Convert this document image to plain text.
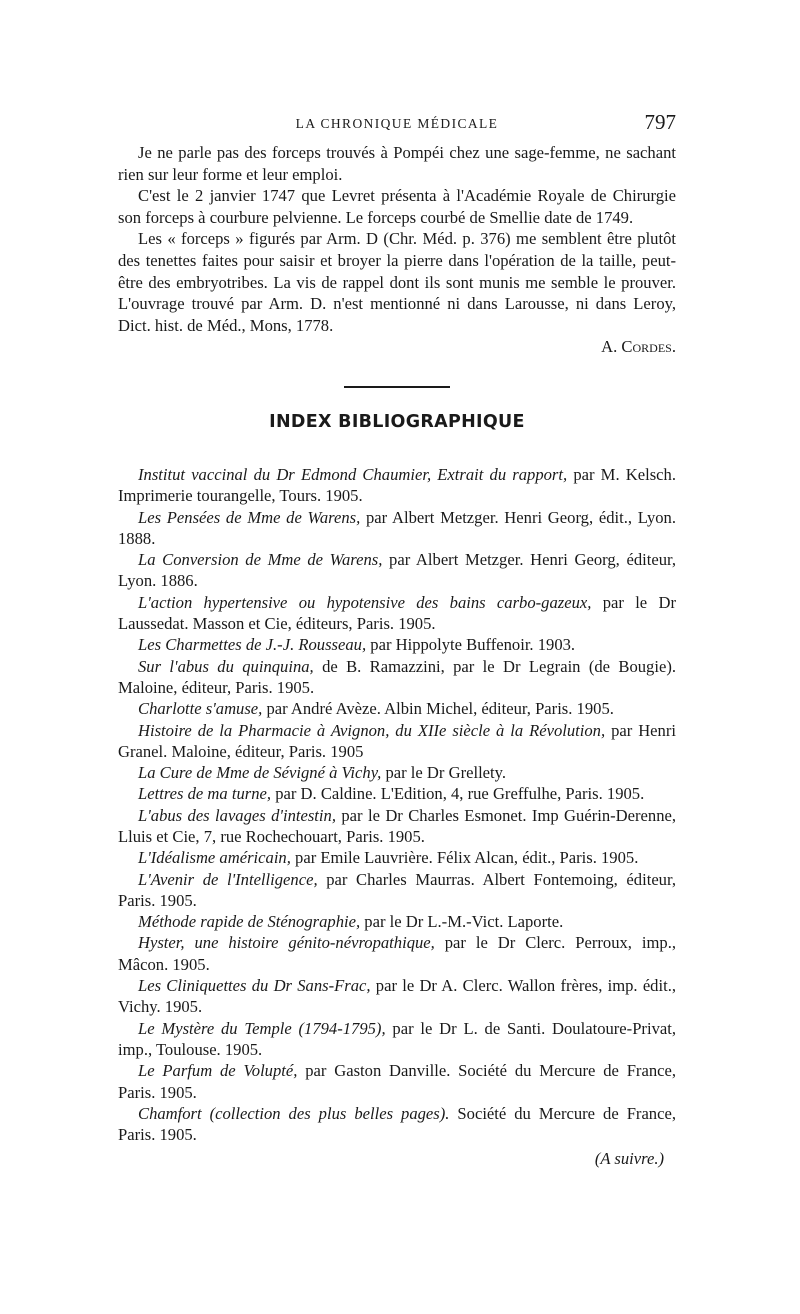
LA CHRONIQUE MÉDICALE	797

Je ne parle pas des forceps trouvés à Pompéi chez une sage-femme, ne sachant rien sur leur forme et leur emploi.

C'est le 2 janvier 1747 que Levret présenta à l'Académie Royale de Chirurgie son forceps à courbure pelvienne. Le forceps courbé de Smellie date de 1749.

Les « forceps » figurés par Arm. D (Chr. Méd. p. 376) me semblent être plutôt des tenettes faites pour saisir et broyer la pierre dans l'opération de la taille, peut-être des embryotribes. La vis de rappel dont ils sont munis me semble le prouver. L'ouvrage trouvé par Arm. D. n'est mentionné ni dans Larousse, ni dans Leroy, Dict. hist. de Méd., Mons, 1778.

A. Cordes.
INDEX BIBLIOGRAPHIQUE

Institut vaccinal du Dr Edmond Chaumier, Extrait du rapport, par M. Kelsch. Imprimerie tourangelle, Tours. 1905.

Les Pensées de Mme de Warens, par Albert Metzger. Henri Georg, édit., Lyon. 1888.

La Conversion de Mme de Warens, par Albert Metzger. Henri Georg, éditeur, Lyon. 1886.

L'action hypertensive ou hypotensive des bains carbo-gazeux, par le Dr Laussedat. Masson et Cie, éditeurs, Paris. 1905.

Les Charmettes de J.-J. Rousseau, par Hippolyte Buffenoir. 1903.

Sur l'abus du quinquina, de B. Ramazzini, par le Dr Legrain (de Bougie). Maloine, éditeur, Paris. 1905.

Charlotte s'amuse, par André Avèze. Albin Michel, éditeur, Paris. 1905.

Histoire de la Pharmacie à Avignon, du XIIe siècle à la Révolution, par Henri Granel. Maloine, éditeur, Paris. 1905

La Cure de Mme de Sévigné à Vichy, par le Dr Grellety.

Lettres de ma turne, par D. Caldine. L'Edition, 4, rue Greffulhe, Paris. 1905.

L'abus des lavages d'intestin, par le Dr Charles Esmonet. Imp Guérin-Derenne, Lluis et Cie, 7, rue Rochechouart, Paris. 1905.

L'Idéalisme américain, par Emile Lauvrière. Félix Alcan, édit., Paris. 1905.

L'Avenir de l'Intelligence, par Charles Maurras. Albert Fontemoing, éditeur, Paris. 1905.

Méthode rapide de Sténographie, par le Dr L.-M.-Vict. Laporte.

Hyster, une histoire génito-névropathique, par le Dr Clerc. Perroux, imp., Mâcon. 1905.

Les Cliniquettes du Dr Sans-Frac, par le Dr A. Clerc. Wallon frères, imp. édit., Vichy. 1905.

Le Mystère du Temple (1794-1795), par le Dr L. de Santi. Doulatoure-Privat, imp., Toulouse. 1905.

Le Parfum de Volupté, par Gaston Danville. Société du Mercure de France, Paris. 1905.

Chamfort (collection des plus belles pages). Société du Mercure de France, Paris. 1905.

(A suivre.)
